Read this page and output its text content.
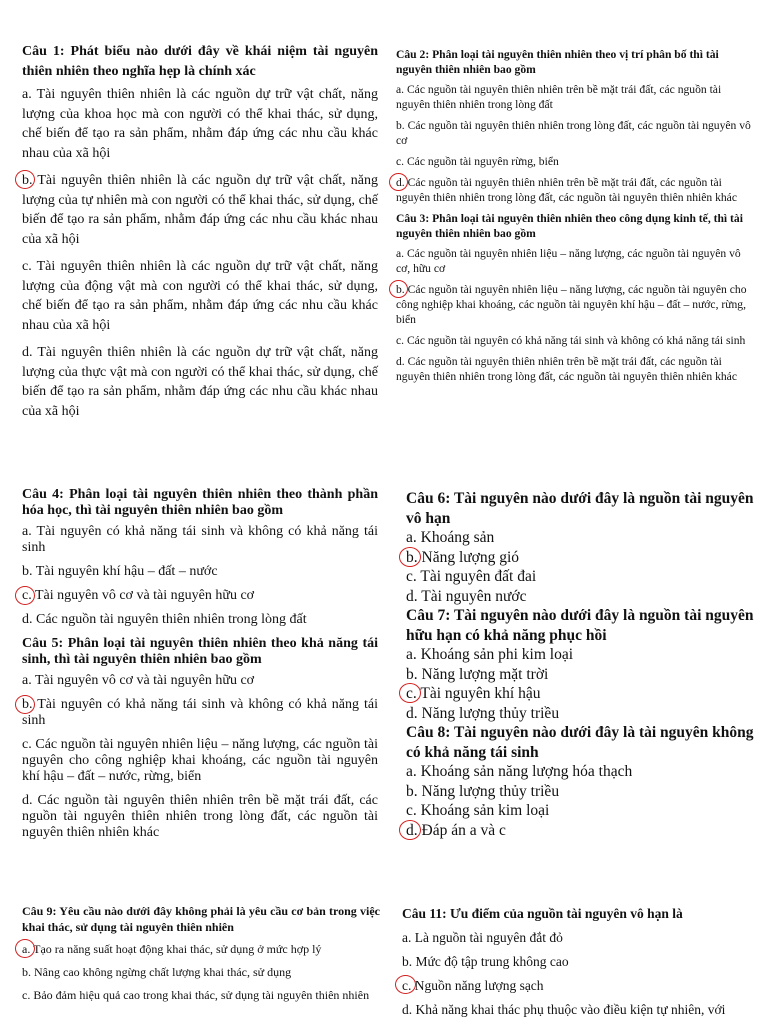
Câu 1: Phát biểu nào dưới đây về khái niệm tài nguyên thiên nhiên theo nghĩa hẹp là chính xác

a. Tài nguyên thiên nhiên là các nguồn dự trữ vật chất, năng lượng của khoa học mà con người có thể khai thác, sử dụng, chế biến để tạo ra sản phẩm, nhằm đáp ứng các nhu cầu khác nhau của xã hội

b. Tài nguyên thiên nhiên là các nguồn dự trữ vật chất, năng lượng của tự nhiên mà con người có thể khai thác, sử dụng, chế biến để tạo ra sản phẩm, nhằm đáp ứng các nhu cầu khác nhau của xã hội

c. Tài nguyên thiên nhiên là các nguồn dự trữ vật chất, năng lượng của động vật mà con người có thể khai thác, sử dụng, chế biến để tạo ra sản phẩm, nhằm đáp ứng các nhu cầu khác nhau của xã hội

d. Tài nguyên thiên nhiên là các nguồn dự trữ vật chất, năng lượng của thực vật mà con người có thể khai thác, sử dụng, chế biến để tạo ra sản phẩm, nhằm đáp ứng các nhu cầu khác nhau của xã hội

Câu 2: Phân loại tài nguyên thiên nhiên theo vị trí phân bố thì tài nguyên thiên nhiên bao gồm

a. Các nguồn tài nguyên thiên nhiên trên bề mặt trái đất, các nguồn tài nguyên thiên nhiên trong lòng đất

b. Các nguồn tài nguyên thiên nhiên trong lòng đất, các nguồn tài nguyên vô cơ

c. Các nguồn tài nguyên rừng, biển

d. Các nguồn tài nguyên thiên nhiên trên bề mặt trái đất, các nguồn tài nguyên thiên nhiên trong lòng đất, các nguồn tài nguyên thiên nhiên khác

Câu 3: Phân loại tài nguyên thiên nhiên theo công dụng kinh tế, thì tài nguyên thiên nhiên bao gồm

a. Các nguồn tài nguyên nhiên liệu – năng lượng, các nguồn tài nguyên vô cơ, hữu cơ

b. Các nguồn tài nguyên nhiên liệu – năng lượng, các nguồn tài nguyên cho công nghiệp khai khoáng, các nguồn tài nguyên khí hậu – đất – nước, rừng, biển

c. Các nguồn tài nguyên có khả năng tái sinh và không có khả năng tái sinh

d. Các nguồn tài nguyên thiên nhiên trên bề mặt trái đất, các nguồn tài nguyên thiên nhiên trong lòng đất, các nguồn tài nguyên thiên nhiên khác

Câu 4: Phân loại tài nguyên thiên nhiên theo thành phần hóa học, thì tài nguyên thiên nhiên bao gồm

a. Tài nguyên có khả năng tái sinh và không có khả năng tái sinh

b. Tài nguyên khí hậu – đất – nước

c. Tài nguyên vô cơ và tài nguyên hữu cơ

d. Các nguồn tài nguyên thiên nhiên trong lòng đất

Câu 5: Phân loại tài nguyên thiên nhiên theo khả năng tái sinh, thì tài nguyên thiên nhiên bao gồm

a. Tài nguyên vô cơ và tài nguyên hữu cơ

b. Tài nguyên có khả năng tái sinh và không có khả năng tái sinh

c. Các nguồn tài nguyên nhiên liệu – năng lượng, các nguồn tài nguyên cho công nghiệp khai khoáng, các nguồn tài nguyên khí hậu – đất – nước, rừng, biển

d. Các nguồn tài nguyên thiên nhiên trên bề mặt trái đất, các nguồn tài nguyên thiên nhiên trong lòng đất, các nguồn tài nguyên thiên nhiên khác

Câu 6: Tài nguyên nào dưới đây là nguồn tài nguyên vô hạn

a. Khoáng sản

b. Năng lượng gió

c. Tài nguyên đất đai

d. Tài nguyên nước

Câu 7: Tài nguyên nào dưới đây là nguồn tài nguyên hữu hạn có khả năng phục hồi

a. Khoáng sản phi kim loại

b. Năng lượng mặt trời

c. Tài nguyên khí hậu

d. Năng lượng thủy triều

Câu 8: Tài nguyên nào dưới đây là tài nguyên không có khả năng tái sinh

a. Khoáng sản năng lượng hóa thạch

b. Năng lượng thủy triều

c. Khoáng sản kim loại

d. Đáp án a và c

Câu 9: Yêu cầu nào dưới đây không phải là yêu cầu cơ bản trong việc khai thác, sử dụng tài nguyên thiên nhiên

a. Tạo ra năng suất hoạt động khai thác, sử dụng ở mức hợp lý

b. Nâng cao không ngừng chất lượng khai thác, sử dụng

c. Bảo đảm hiệu quả cao trong khai thác, sử dụng tài nguyên thiên nhiên

Câu 11: Ưu điểm của nguồn tài nguyên vô hạn là

a. Là nguồn tài nguyên đắt đỏ

b. Mức độ tập trung không cao

c. Nguồn năng lượng sạch

d. Khả năng khai thác phụ thuộc vào điều kiện tự nhiên, với
